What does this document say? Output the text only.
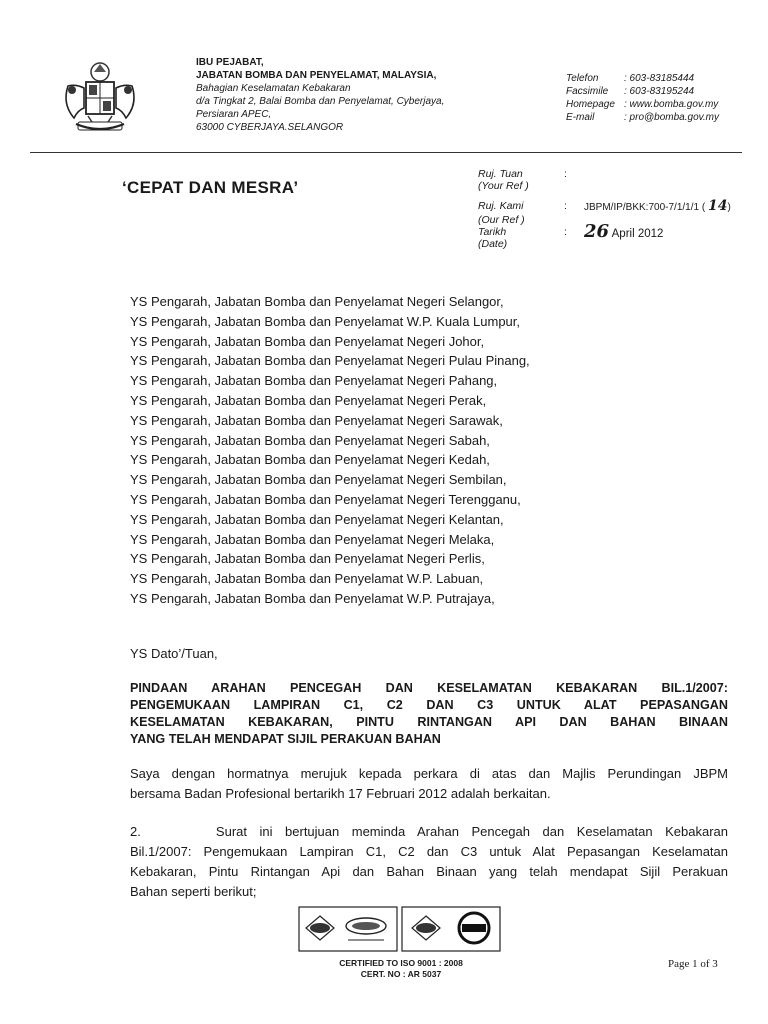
IBU PEJABAT,
JABATAN BOMBA DAN PENYELAMAT, MALAYSIA,
Bahagian Keselamatan Kebakaran
d/a Tingkat 2, Balai Bomba dan Penyelamat, Cyberjaya,
Persiaran APEC,
63000 CYBERJAYA.SELANGOR
Telefon	: 603-83185444
Facsimile	: 603-83195244
Homepage	: www.bomba.gov.my
E-mail	: pro@bomba.gov.my
‘CEPAT DAN MESRA’
Ruj. Tuan	:	
(Your Ref )		

Ruj. Kami	:	JBPM/IP/BKK:700-7/1/1/1 ( 14)
(Our Ref )		
Tarikh	:	26 April 2012
(Date)		
YS Pengarah, Jabatan Bomba dan Penyelamat Negeri Selangor,
YS Pengarah, Jabatan Bomba dan Penyelamat W.P. Kuala Lumpur,
YS Pengarah, Jabatan Bomba dan Penyelamat Negeri Johor,
YS Pengarah, Jabatan Bomba dan Penyelamat Negeri Pulau Pinang,
YS Pengarah, Jabatan Bomba dan Penyelamat Negeri Pahang,
YS Pengarah, Jabatan Bomba dan Penyelamat Negeri Perak,
YS Pengarah, Jabatan Bomba dan Penyelamat Negeri Sarawak,
YS Pengarah, Jabatan Bomba dan Penyelamat Negeri Sabah,
YS Pengarah, Jabatan Bomba dan Penyelamat Negeri Kedah,
YS Pengarah, Jabatan Bomba dan Penyelamat Negeri Sembilan,
YS Pengarah, Jabatan Bomba dan Penyelamat Negeri Terengganu,
YS Pengarah, Jabatan Bomba dan Penyelamat Negeri Kelantan,
YS Pengarah, Jabatan Bomba dan Penyelamat Negeri Melaka,
YS Pengarah, Jabatan Bomba dan Penyelamat Negeri Perlis,
YS Pengarah, Jabatan Bomba dan Penyelamat W.P. Labuan,
YS Pengarah, Jabatan Bomba dan Penyelamat W.P. Putrajaya,
YS Dato’/Tuan,
PINDAAN ARAHAN PENCEGAH DAN KESELAMATAN KEBAKARAN BIL.1/2007:
PENGEMUKAAN LAMPIRAN C1, C2 DAN C3 UNTUK ALAT PEPASANGAN
KESELAMATAN KEBAKARAN, PINTU RINTANGAN API DAN BAHAN BINAAN
YANG TELAH MENDAPAT SIJIL PERAKUAN BAHAN
Saya dengan hormatnya merujuk kepada perkara di atas dan Majlis Perundingan JBPM
bersama Badan Profesional bertarikh 17 Februari 2012 adalah berkaitan.
2.      Surat ini bertujuan meminda Arahan Pencegah dan Keselamatan Kebakaran
Bil.1/2007: Pengemukaan Lampiran C1, C2 dan C3 untuk Alat Pepasangan Keselamatan
Kebakaran, Pintu Rintangan Api dan Bahan Binaan yang telah mendapat Sijil Perakuan
Bahan seperti berikut;
CERTIFIED TO ISO 9001 : 2008
CERT. NO : AR 5037
Page 1 of 3
